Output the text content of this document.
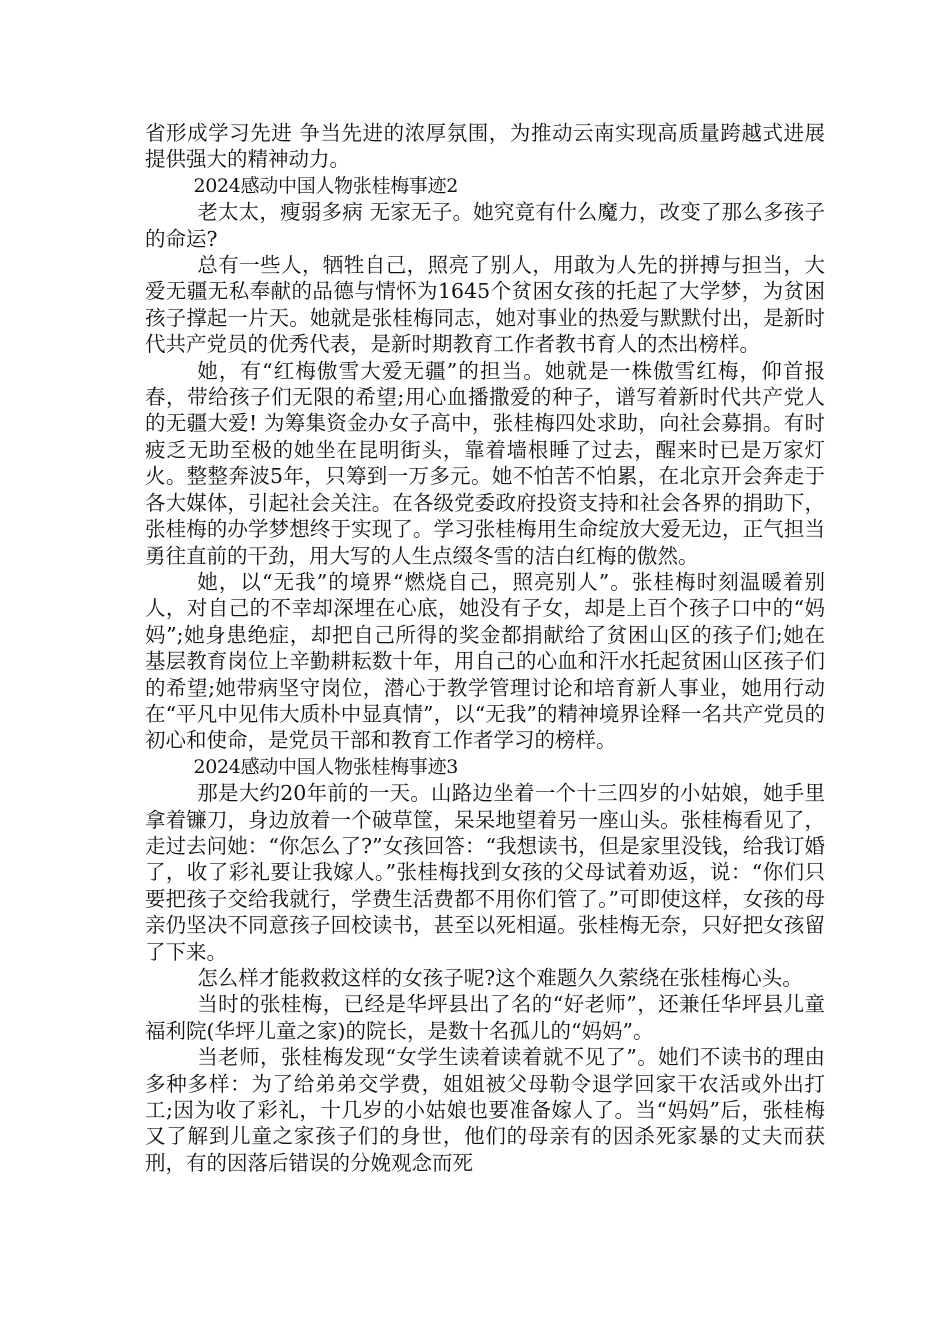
省形成学习先进 争当先进的浓厚氛围，为推动云南实现高质量跨越式进展提供强大的精神动力。

2024感动中国人物张桂梅事迹2

老太太，瘦弱多病 无家无子。她究竟有什么魔力，改变了那么多孩子的命运?

总有一些人，牺牲自己，照亮了别人，用敢为人先的拼搏与担当，大爱无疆无私奉献的品德与情怀为1645个贫困女孩的托起了大学梦，为贫困孩子撑起一片天。她就是张桂梅同志，她对事业的热爱与默默付出，是新时代共产党员的优秀代表，是新时期教育工作者教书育人的杰出榜样。

她，有“红梅傲雪大爱无疆”的担当。她就是一株傲雪红梅，仰首报春，带给孩子们无限的希望;用心血播撒爱的种子，谱写着新时代共产党人的无疆大爱! 为筹集资金办女子高中，张桂梅四处求助，向社会募捐。有时疲乏无助至极的她坐在昆明街头，靠着墙根睡了过去，醒来时已是万家灯火。整整奔波5年，只筹到一万多元。她不怕苦不怕累，在北京开会奔走于各大媒体，引起社会关注。在各级党委政府投资支持和社会各界的捐助下，张桂梅的办学梦想终于实现了。学习张桂梅用生命绽放大爱无边，正气担当勇往直前的干劲，用大写的人生点缀冬雪的洁白红梅的傲然。

她，以“无我”的境界“燃烧自己，照亮别人”。张桂梅时刻温暖着别人，对自己的不幸却深埋在心底，她没有子女，却是上百个孩子口中的“妈妈”;她身患绝症，却把自己所得的奖金都捐献给了贫困山区的孩子们;她在基层教育岗位上辛勤耕耘数十年，用自己的心血和汗水托起贫困山区孩子们的希望;她带病坚守岗位，潜心于教学管理讨论和培育新人事业，她用行动在“平凡中见伟大质朴中显真情”，以“无我”的精神境界诠释一名共产党员的初心和使命，是党员干部和教育工作者学习的榜样。

2024感动中国人物张桂梅事迹3

那是大约20年前的一天。山路边坐着一个十三四岁的小姑娘，她手里拿着镰刀，身边放着一个破草筐，呆呆地望着另一座山头。张桂梅看见了，走过去问她：“你怎么了?”女孩回答：“我想读书，但是家里没钱，给我订婚了，收了彩礼要让我嫁人。”张桂梅找到女孩的父母试着劝返，说：“你们只要把孩子交给我就行，学费生活费都不用你们管了。”可即使这样，女孩的母亲仍坚决不同意孩子回校读书，甚至以死相逼。张桂梅无奈，只好把女孩留了下来。

怎么样才能救救这样的女孩子呢?这个难题久久萦绕在张桂梅心头。

当时的张桂梅，已经是华坪县出了名的“好老师”，还兼任华坪县儿童福利院(华坪儿童之家)的院长，是数十名孤儿的“妈妈”。

当老师，张桂梅发现“女学生读着读着就不见了”。她们不读书的理由多种多样：为了给弟弟交学费，姐姐被父母勒令退学回家干农活或外出打工;因为收了彩礼，十几岁的小姑娘也要准备嫁人了。当“妈妈”后，张桂梅又了解到儿童之家孩子们的身世，他们的母亲有的因杀死家暴的丈夫而获刑，有的因落后错误的分娩观念而死
